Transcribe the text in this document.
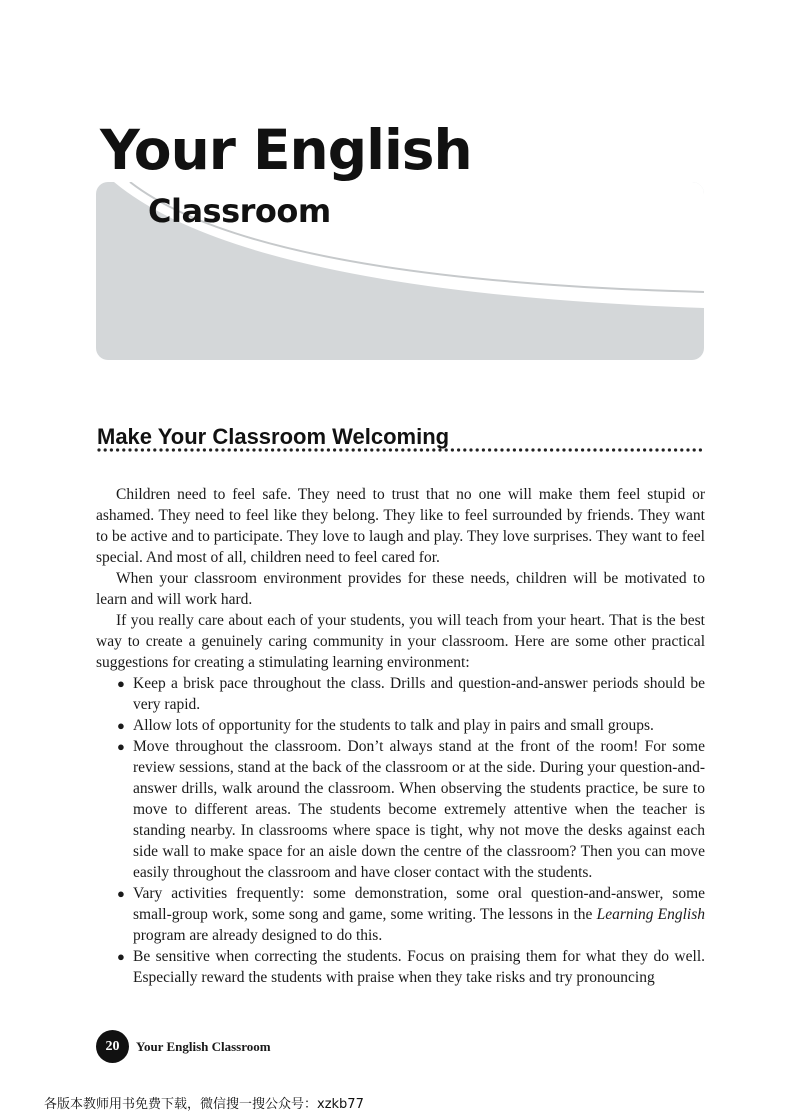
Your English
Classroom
Make Your Classroom Welcoming

Children need to feel safe. They need to trust that no one will make them feel stupid or ashamed. They need to feel like they belong. They like to feel surrounded by friends. They want to be active and to participate. They love to laugh and play. They love surprises. They want to feel special. And most of all, children need to feel cared for.

When your classroom environment provides for these needs, children will be motivated to learn and will work hard.

If you really care about each of your students, you will teach from your heart. That is the best way to create a genuinely caring community in your classroom. Here are some other practical suggestions for creating a stimulating learning environment:

● Keep a brisk pace throughout the class. Drills and question-and-answer periods should be very rapid.
● Allow lots of opportunity for the students to talk and play in pairs and small groups.
● Move throughout the classroom. Don’t always stand at the front of the room! For some review sessions, stand at the back of the classroom or at the side. During your question-and-answer drills, walk around the classroom. When observing the students practice, be sure to move to different areas. The students become extremely attentive when the teacher is standing nearby. In classrooms where space is tight, why not move the desks against each side wall to make space for an aisle down the centre of the classroom? Then you can move easily throughout the classroom and have closer contact with the students.
● Vary activities frequently: some demonstration, some oral question-and-answer, some small-group work, some song and game, some writing. The lessons in the Learning English program are already designed to do this.
● Be sensitive when correcting the students. Focus on praising them for what they do well. Especially reward the students with praise when they take risks and try pronouncing
20	Your English Classroom
各版本教师用书免费下载，微信搜一搜公众号：xzkb77
